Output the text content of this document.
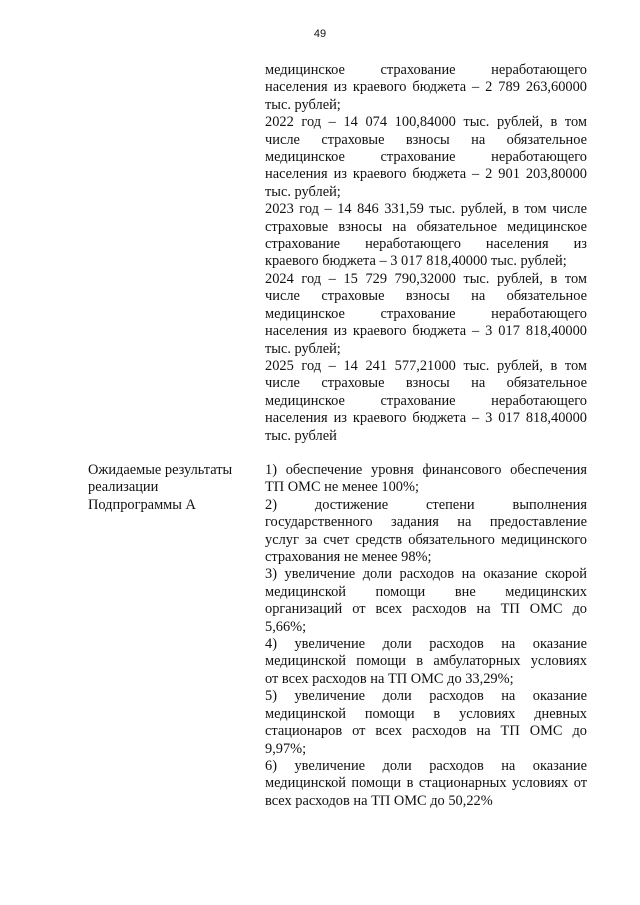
49
медицинское страхование неработающего
населения из краевого бюджета – 2 789 263,60000
тыс. рублей;
2022 год – 14 074 100,84000 тыс. рублей, в том
числе страховые взносы на обязательное
медицинское страхование неработающего
населения из краевого бюджета – 2 901 203,80000
тыс. рублей;
2023 год – 14 846 331,59 тыс. рублей, в том числе
страховые взносы на обязательное медицинское
страхование неработающего населения из
краевого бюджета – 3 017 818,40000 тыс. рублей;
2024 год – 15 729 790,32000 тыс. рублей, в том
числе страховые взносы на обязательное
медицинское страхование неработающего
населения из краевого бюджета – 3 017 818,40000
тыс. рублей;
2025 год – 14 241 577,21000 тыс. рублей, в том
числе страховые взносы на обязательное
медицинское страхование неработающего
населения из краевого бюджета – 3 017 818,40000
тыс. рублей
Ожидаемые результаты
реализации
Подпрограммы А
1) обеспечение уровня финансового обеспечения
ТП ОМС не менее 100%;
2) достижение степени выполнения
государственного задания на предоставление
услуг за счет средств обязательного медицинского
страхования не менее 98%;
3) увеличение доли расходов на оказание скорой
медицинской помощи вне медицинских
организаций от всех расходов на ТП ОМС до
5,66%;
4) увеличение доли расходов на оказание
медицинской помощи в амбулаторных условиях
от всех расходов на ТП ОМС до 33,29%;
5) увеличение доли расходов на оказание
медицинской помощи в условиях дневных
стационаров от всех расходов на ТП ОМС до
9,97%;
6) увеличение доли расходов на оказание
медицинской помощи в стационарных условиях от
всех расходов на ТП ОМС до 50,22%
